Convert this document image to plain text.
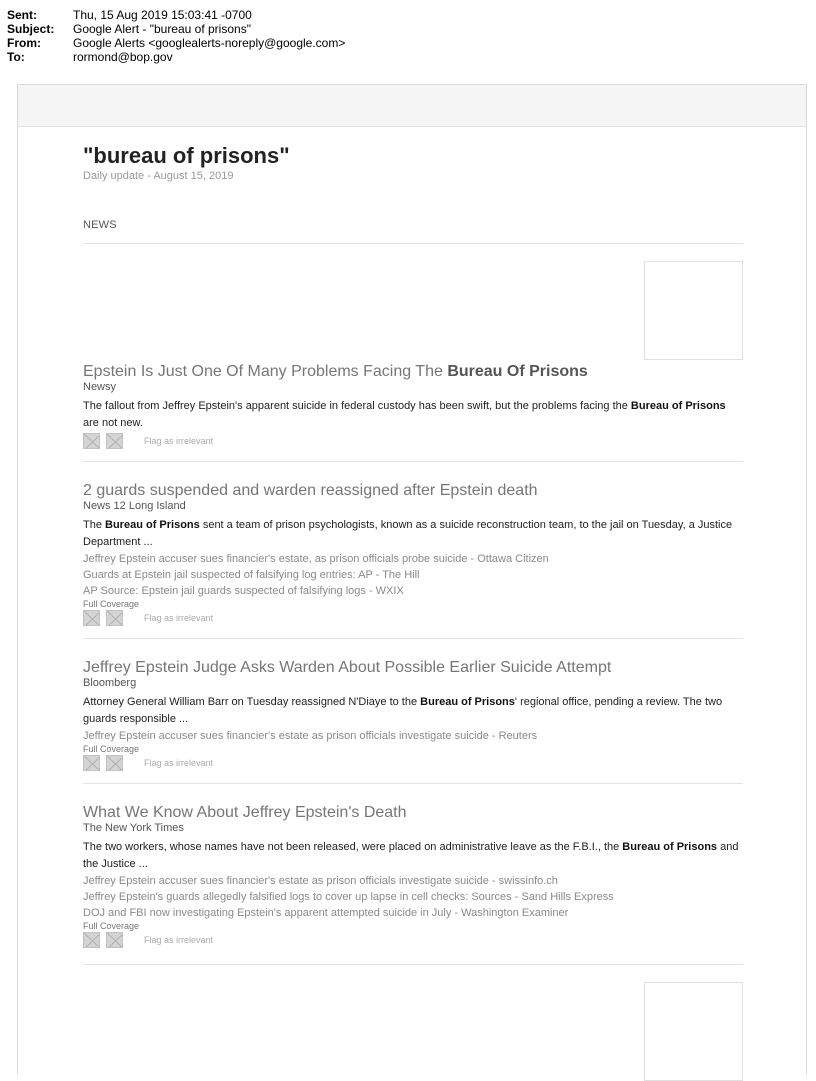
Sent:	Thu, 15 Aug 2019 15:03:41 -0700
Subject:	Google Alert - "bureau of prisons"
From:	Google Alerts <googlealerts-noreply@google.com>
To:	rormond@bop.gov
"bureau of prisons"
Daily update - August 15, 2019
NEWS
Epstein Is Just One Of Many Problems Facing The Bureau Of Prisons
Newsy
The fallout from Jeffrey Epstein's apparent suicide in federal custody has been swift, but the problems facing the Bureau of Prisons are not new.
Flag as irrelevant
2 guards suspended and warden reassigned after Epstein death
News 12 Long Island
The Bureau of Prisons sent a team of prison psychologists, known as a suicide reconstruction team, to the jail on Tuesday, a Justice Department ...
Jeffrey Epstein accuser sues financier's estate, as prison officials probe suicide - Ottawa Citizen
Guards at Epstein jail suspected of falsifying log entries: AP - The Hill
AP Source: Epstein jail guards suspected of falsifying logs - WXIX
Full Coverage
Flag as irrelevant
Jeffrey Epstein Judge Asks Warden About Possible Earlier Suicide Attempt
Bloomberg
Attorney General William Barr on Tuesday reassigned N'Diaye to the Bureau of Prisons' regional office, pending a review. The two guards responsible ...
Jeffrey Epstein accuser sues financier's estate as prison officials investigate suicide - Reuters
Full Coverage
Flag as irrelevant
What We Know About Jeffrey Epstein's Death
The New York Times
The two workers, whose names have not been released, were placed on administrative leave as the F.B.I., the Bureau of Prisons and the Justice ...
Jeffrey Epstein accuser sues financier's estate as prison officials investigate suicide - swissinfo.ch
Jeffrey Epstein's guards allegedly falsified logs to cover up lapse in cell checks: Sources - Sand Hills Express
DOJ and FBI now investigating Epstein's apparent attempted suicide in July - Washington Examiner
Full Coverage
Flag as irrelevant
